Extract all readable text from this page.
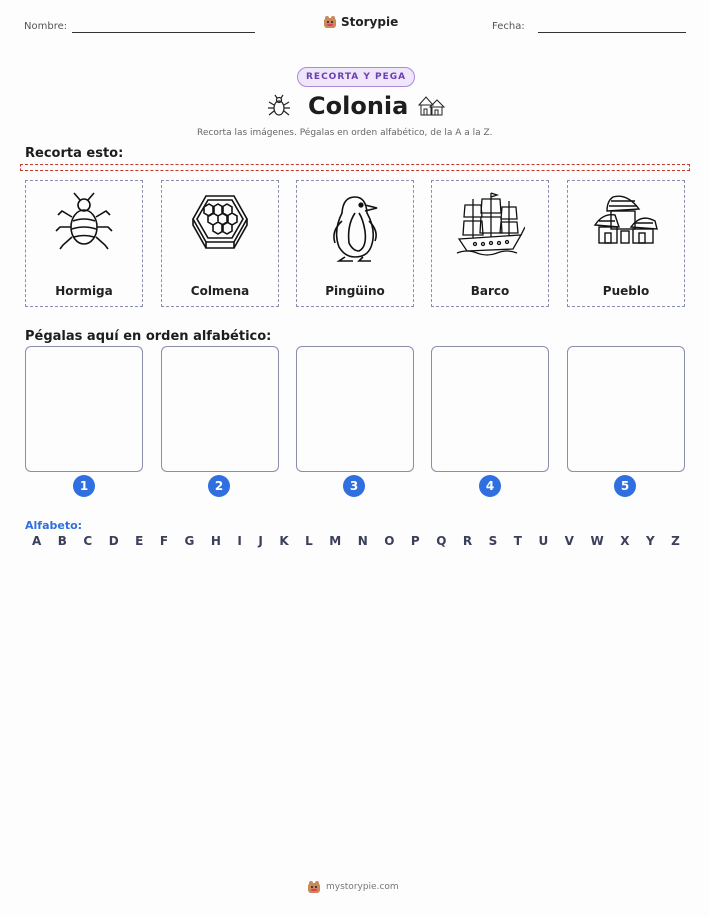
Nombre:	Storypie	Fecha:
RECORTA Y PEGA
Colonia
Recorta las imágenes. Pégalas en orden alfabético, de la A a la Z.
Recorta esto:
Hormiga	Colmena	Pingüino	Barco	Pueblo
Pégalas aquí en orden alfabético:
1	2	3	4	5
Alfabeto:
A B C D E F G H I J K L M N O P Q R S T U V W X Y Z
mystorypie.com
